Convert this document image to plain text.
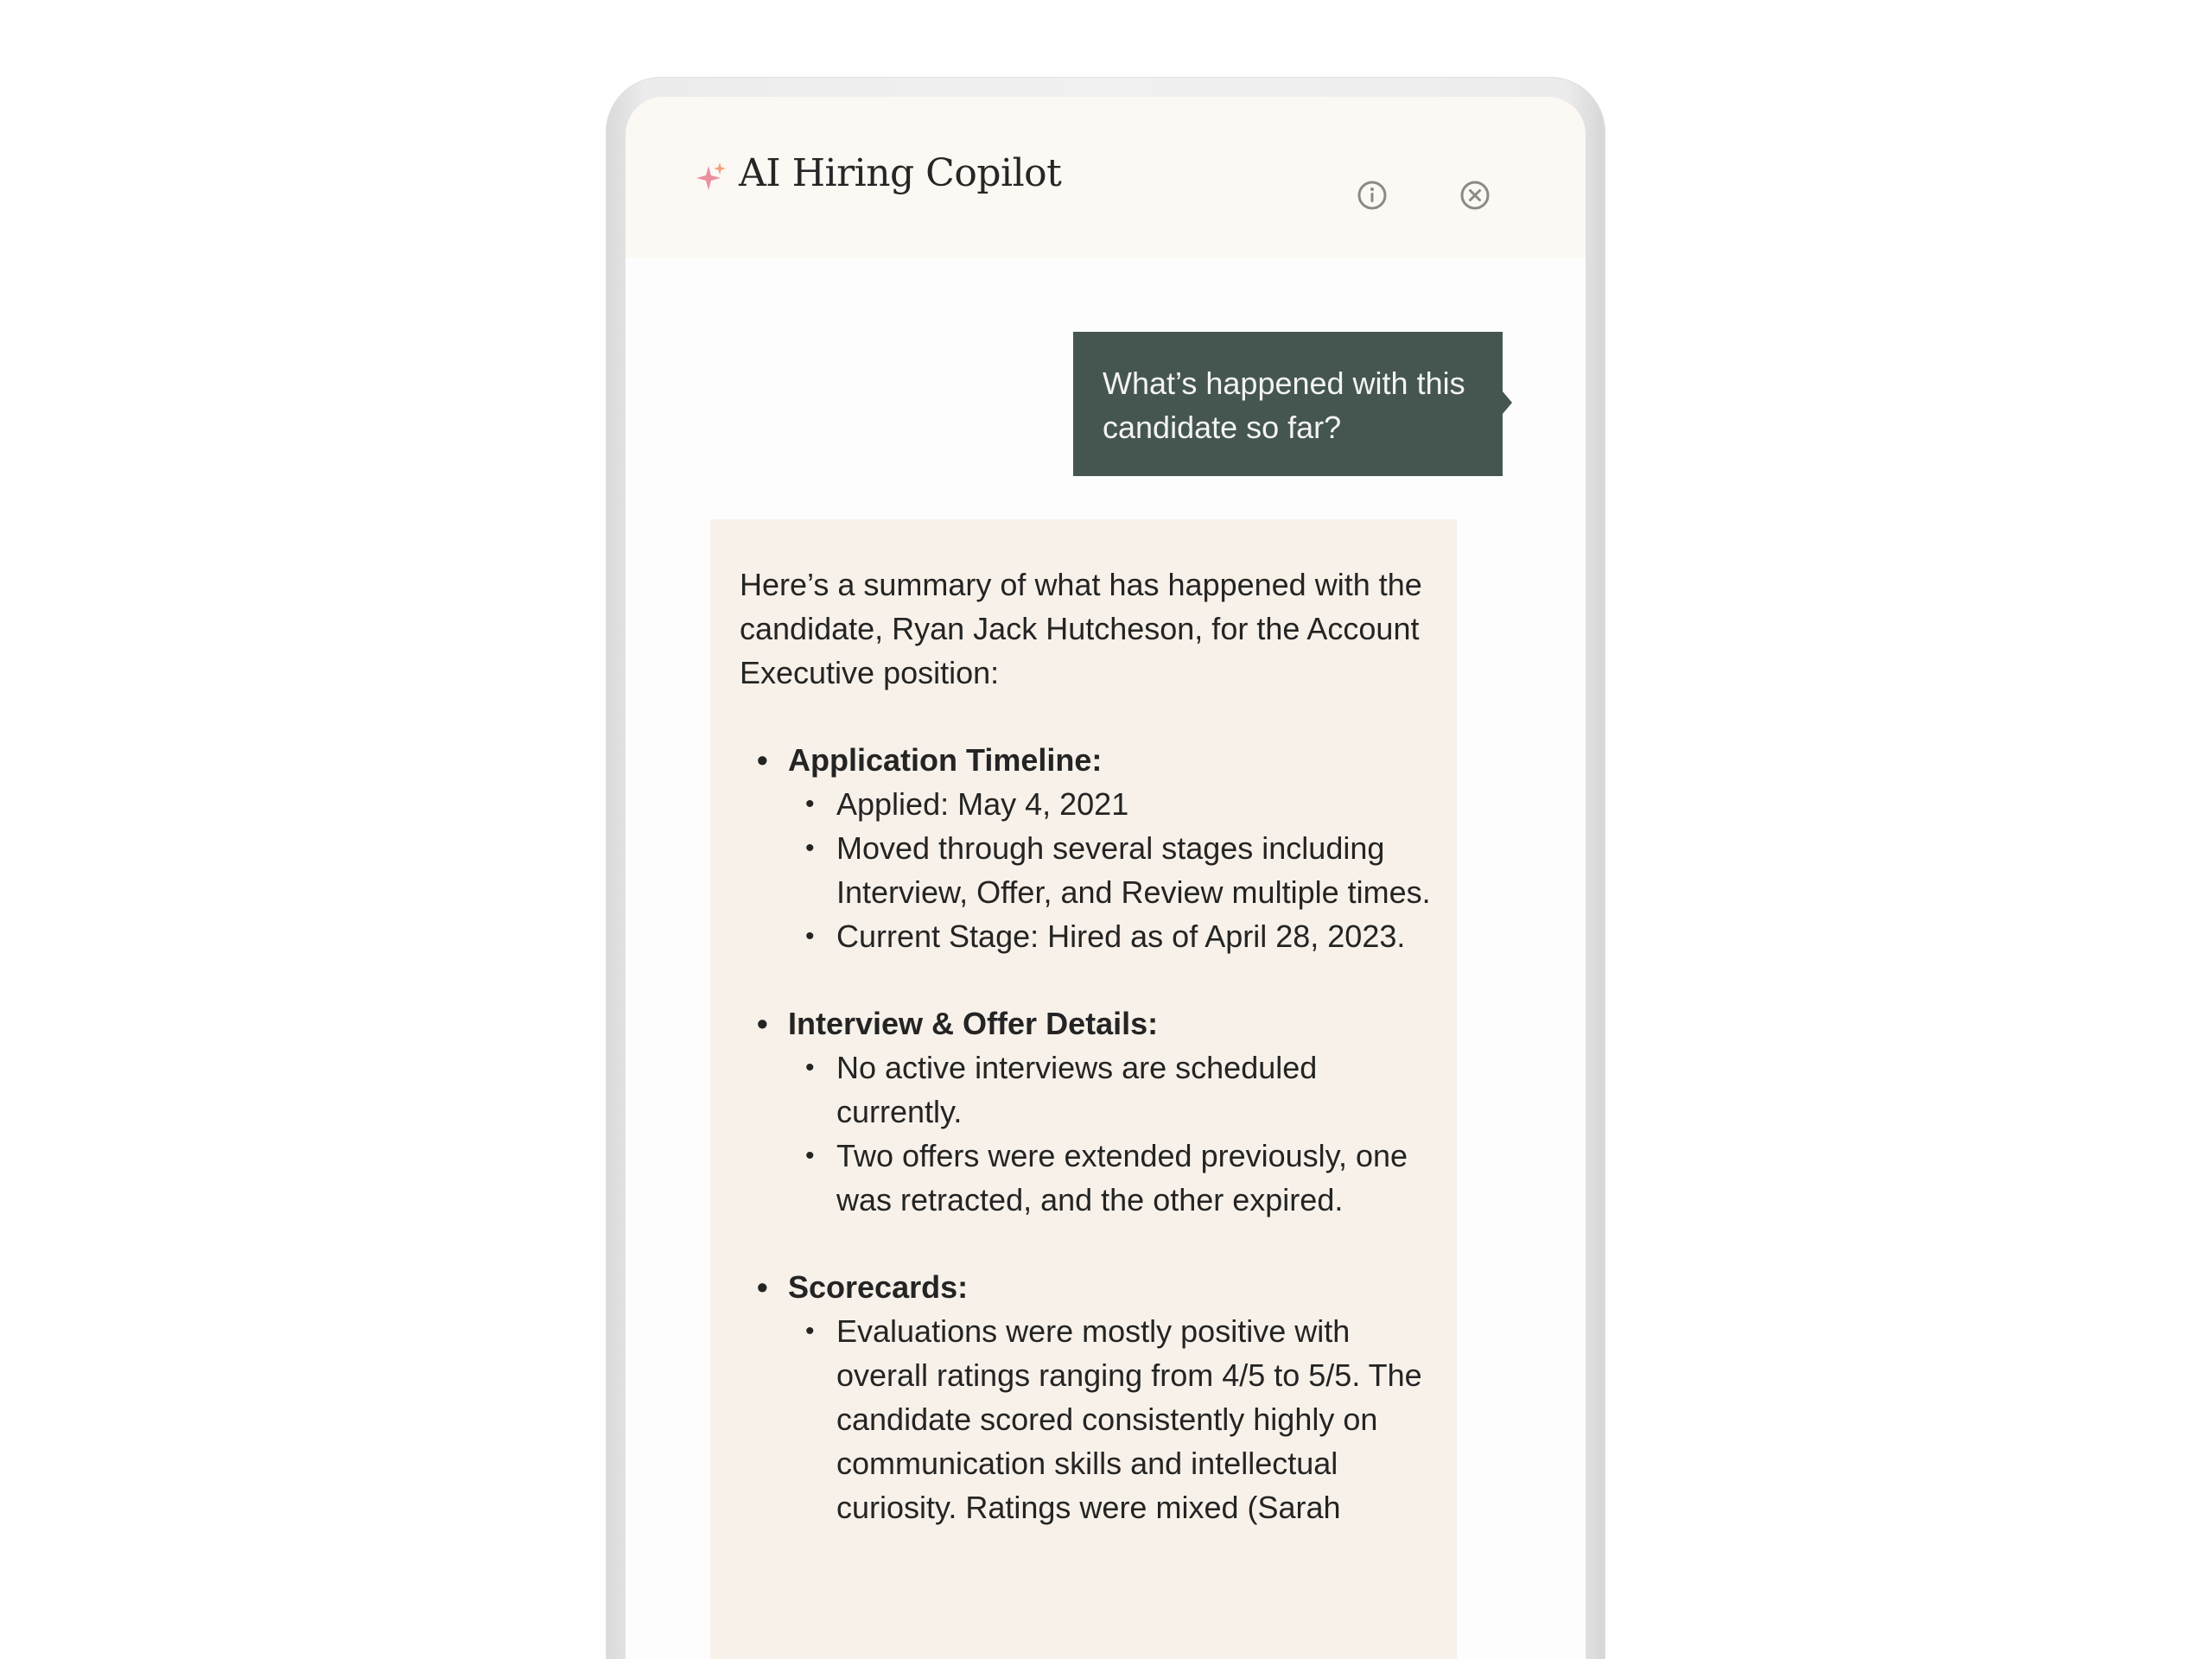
AI Hiring Copilot
What’s happened with this candidate so far?
Here’s a summary of what has happened with the candidate, Ryan Jack Hutcheson, for the Account Executive position:
• Application Timeline:
• Applied: May 4, 2021
• Moved through several stages including Interview, Offer, and Review multiple times.
• Current Stage: Hired as of April 28, 2023.
• Interview & Offer Details:
• No active interviews are scheduled currently.
• Two offers were extended previously, one was retracted, and the other expired.
• Scorecards:
• Evaluations were mostly positive with overall ratings ranging from 4/5 to 5/5. The candidate scored consistently highly on communication skills and intellectual curiosity. Ratings were mixed (Sarah
